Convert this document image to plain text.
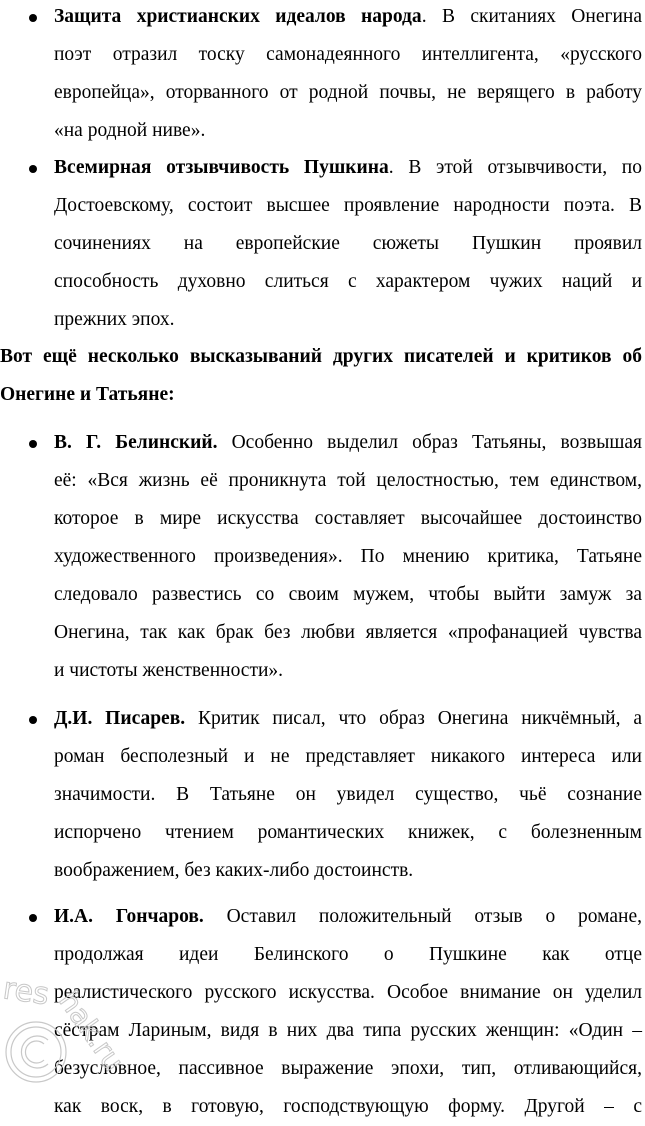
Защита христианских идеалов народа. В скитаниях Онегина
поэт отразил тоску самонадеянного интеллигента, «русского
европейца», оторванного от родной почвы, не верящего в работу
«на родной ниве».
Всемирная отзывчивость Пушкина. В этой отзывчивости, по
Достоевскому, состоит высшее проявление народности поэта. В
сочинениях на европейские сюжеты Пушкин проявил
способность духовно слиться с характером чужих наций и
прежних эпох.
Вот ещё несколько высказываний других писателей и критиков об
Онегине и Татьяне:
В. Г. Белинский. Особенно выделил образ Татьяны, возвышая
её: «Вся жизнь её проникнута той целостностью, тем единством,
которое в мире искусства составляет высочайшее достоинство
художественного произведения». По мнению критика, Татьяне
следовало развестись со своим мужем, чтобы выйти замуж за
Онегина, так как брак без любви является «профанацией чувства
и чистоты женственности».
Д.И. Писарев. Критик писал, что образ Онегина никчёмный, а
роман бесполезный и не представляет никакого интереса или
значимости. В Татьяне он увидел существо, чьё сознание
испорчено чтением романтических книжек, с болезненным
воображением, без каких-либо достоинств.
И.А. Гончаров. Оставил положительный отзыв о романе,
продолжая идеи Белинского о Пушкине как отце
реалистического русского искусства. Особое внимание он уделил
сёстрам Лариным, видя в них два типа русских женщин: «Один –
безусловное, пассивное выражение эпохи, тип, отливающийся,
как воск, в готовую, господствующую форму. Другой – с
res hak.ru
